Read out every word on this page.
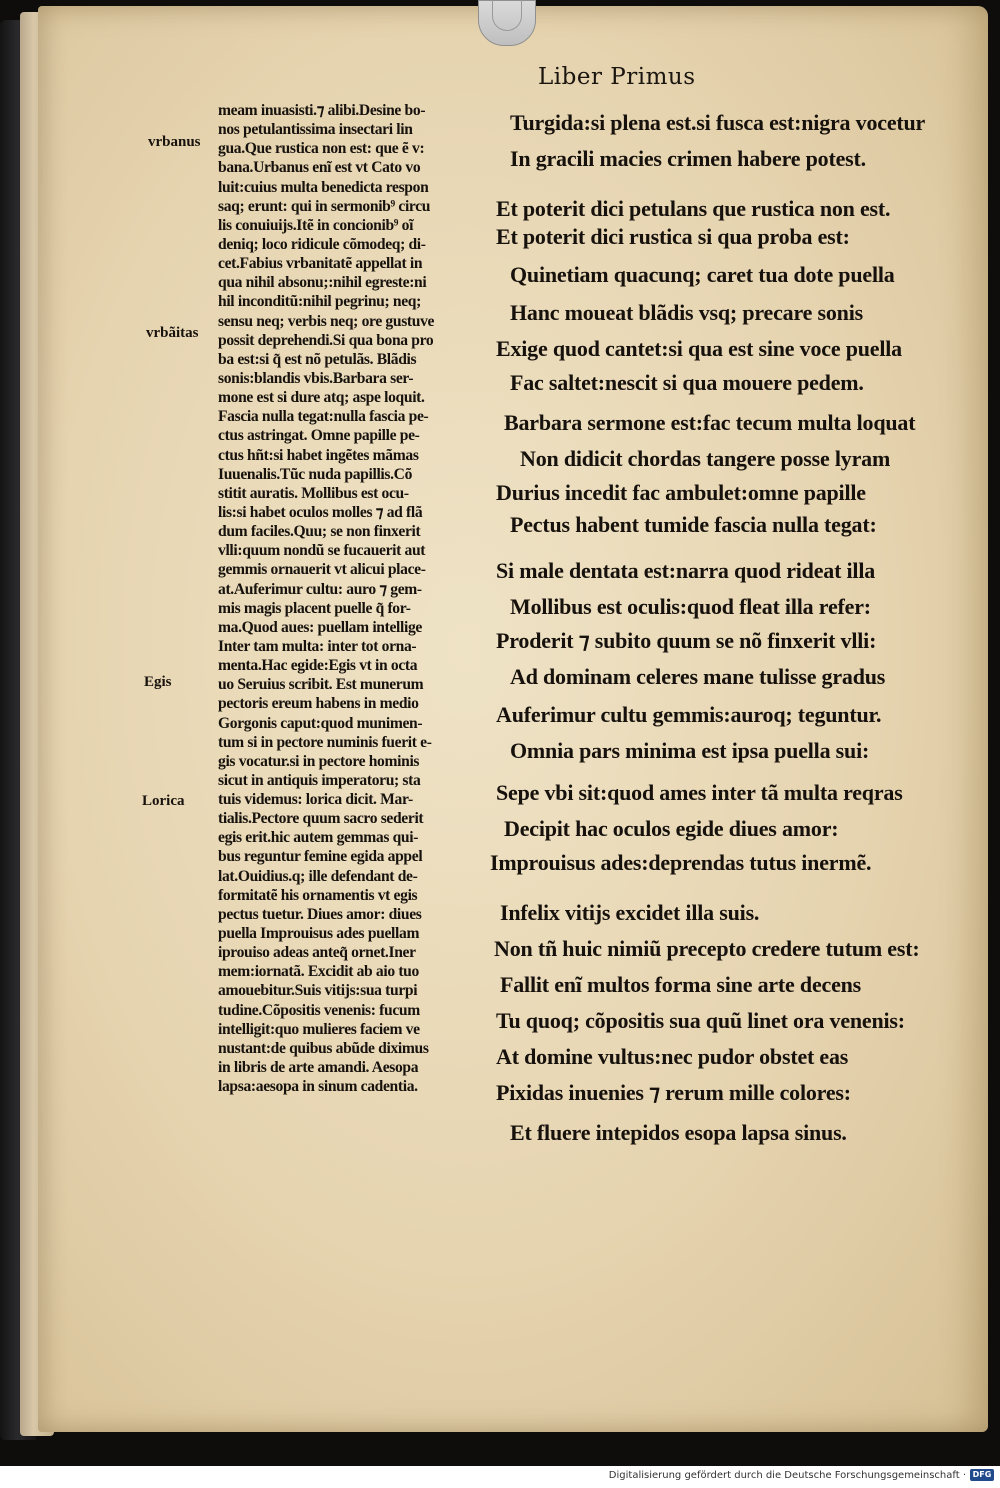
Liber Primus
vrbanus
vrbãitas
Egis
Lorica
meam inuasisti.⁊ alibi.Desine bo-
nos petulantissima insectari lin
gua.Que rustica non est: que ẽ v:
bana.Urbanus enĩ est vt Cato vo
luit:cuius multa benedicta respon
saq; erunt: qui in sermonib⁹ circu
lis conuiuijs.Itẽ in concionib⁹ oĩ
deniq; loco ridicule cõmodeq; di-
cet.Fabius vrbanitatẽ appellat in
qua nihil absonu;:nihil egreste:ni
hil inconditũ:nihil pegrinu; neq;
sensu neq; verbis neq; ore gustuve
possit deprehendi.Si qua bona pro
ba est:si q̃ est nõ petulãs. Blãdis
sonis:blandis vbis.Barbara ser-
mone est si dure atq; aspe loquit.
Fascia nulla tegat:nulla fascia pe-
ctus astringat. Omne papille pe-
ctus hñt:si habet ingẽtes mãmas
Iuuenalis.Tũc nuda papillis.Cõ
stitit auratis. Mollibus est ocu-
lis:si habet oculos molles ⁊ ad flã
dum faciles.Quu; se non finxerit
vlli:quum nondũ se fucauerit aut
gemmis ornauerit vt alicui place-
at.Auferimur cultu: auro ⁊ gem-
mis magis placent puelle q̃ for-
ma.Quod aues: puellam intellige
Inter tam multa: inter tot orna-
menta.Hac egide:Egis vt in octa
uo Seruius scribit. Est munerum
pectoris ereum habens in medio
Gorgonis caput:quod munimen-
tum si in pectore numinis fuerit e-
gis vocatur.si in pectore hominis
sicut in antiquis imperatoru; sta
tuis videmus: lorica dicit. Mar-
tialis.Pectore quum sacro sederit
egis erit.hic autem gemmas qui-
bus reguntur femine egida appel
lat.Ouidius.q; ille defendant de-
formitatẽ his ornamentis vt egis
pectus tuetur. Diues amor: diues
puella Improuisus ades puellam
iprouiso adeas anteq̃ ornet.Iner
mem:iornatã. Excidit ab aio tuo
amouebitur.Suis vitijs:sua turpi
tudine.Cõpositis venenis: fucum
intelligit:quo mulieres faciem ve
nustant:de quibus abũde diximus
in libris de arte amandi. Aesopa
lapsa:aesopa in sinum cadentia.
Turgida:si plena est.si fusca est:nigra vocetur
In gracili macies crimen habere potest.
Et poterit dici petulans que rustica non est.
Et poterit dici rustica si qua proba est:
Quinetiam quacunq; caret tua dote puella
Hanc moueat blãdis vsq; precare sonis
Exige quod cantet:si qua est sine voce puella
Fac saltet:nescit si qua mouere pedem.
Barbara sermone est:fac tecum multa loquat
Non didicit chordas tangere posse lyram
Durius incedit fac ambulet:omne papille
Pectus habent tumide fascia nulla tegat:
Si male dentata est:narra quod rideat illa
Mollibus est oculis:quod fleat illa refer:
Proderit ⁊ subito quum se nõ finxerit vlli:
Ad dominam celeres mane tulisse gradus
Auferimur cultu gemmis:auroq; teguntur.
Omnia pars minima est ipsa puella sui:
Sepe vbi sit:quod ames inter tã multa reqras
Decipit hac oculos egide diues amor:
Improuisus ades:deprendas tutus inermẽ.
Infelix vitijs excidet illa suis.
Non tñ huic nimiũ precepto credere tutum est:
Fallit enĩ multos forma sine arte decens
Tu quoq; cõpositis sua quũ linet ora venenis:
At domine vultus:nec pudor obstet eas
Pixidas inuenies ⁊ rerum mille colores:
Et fluere intepidos esopa lapsa sinus.
Digitalisierung gefördert durch die Deutsche Forschungsgemeinschaft · DFG
